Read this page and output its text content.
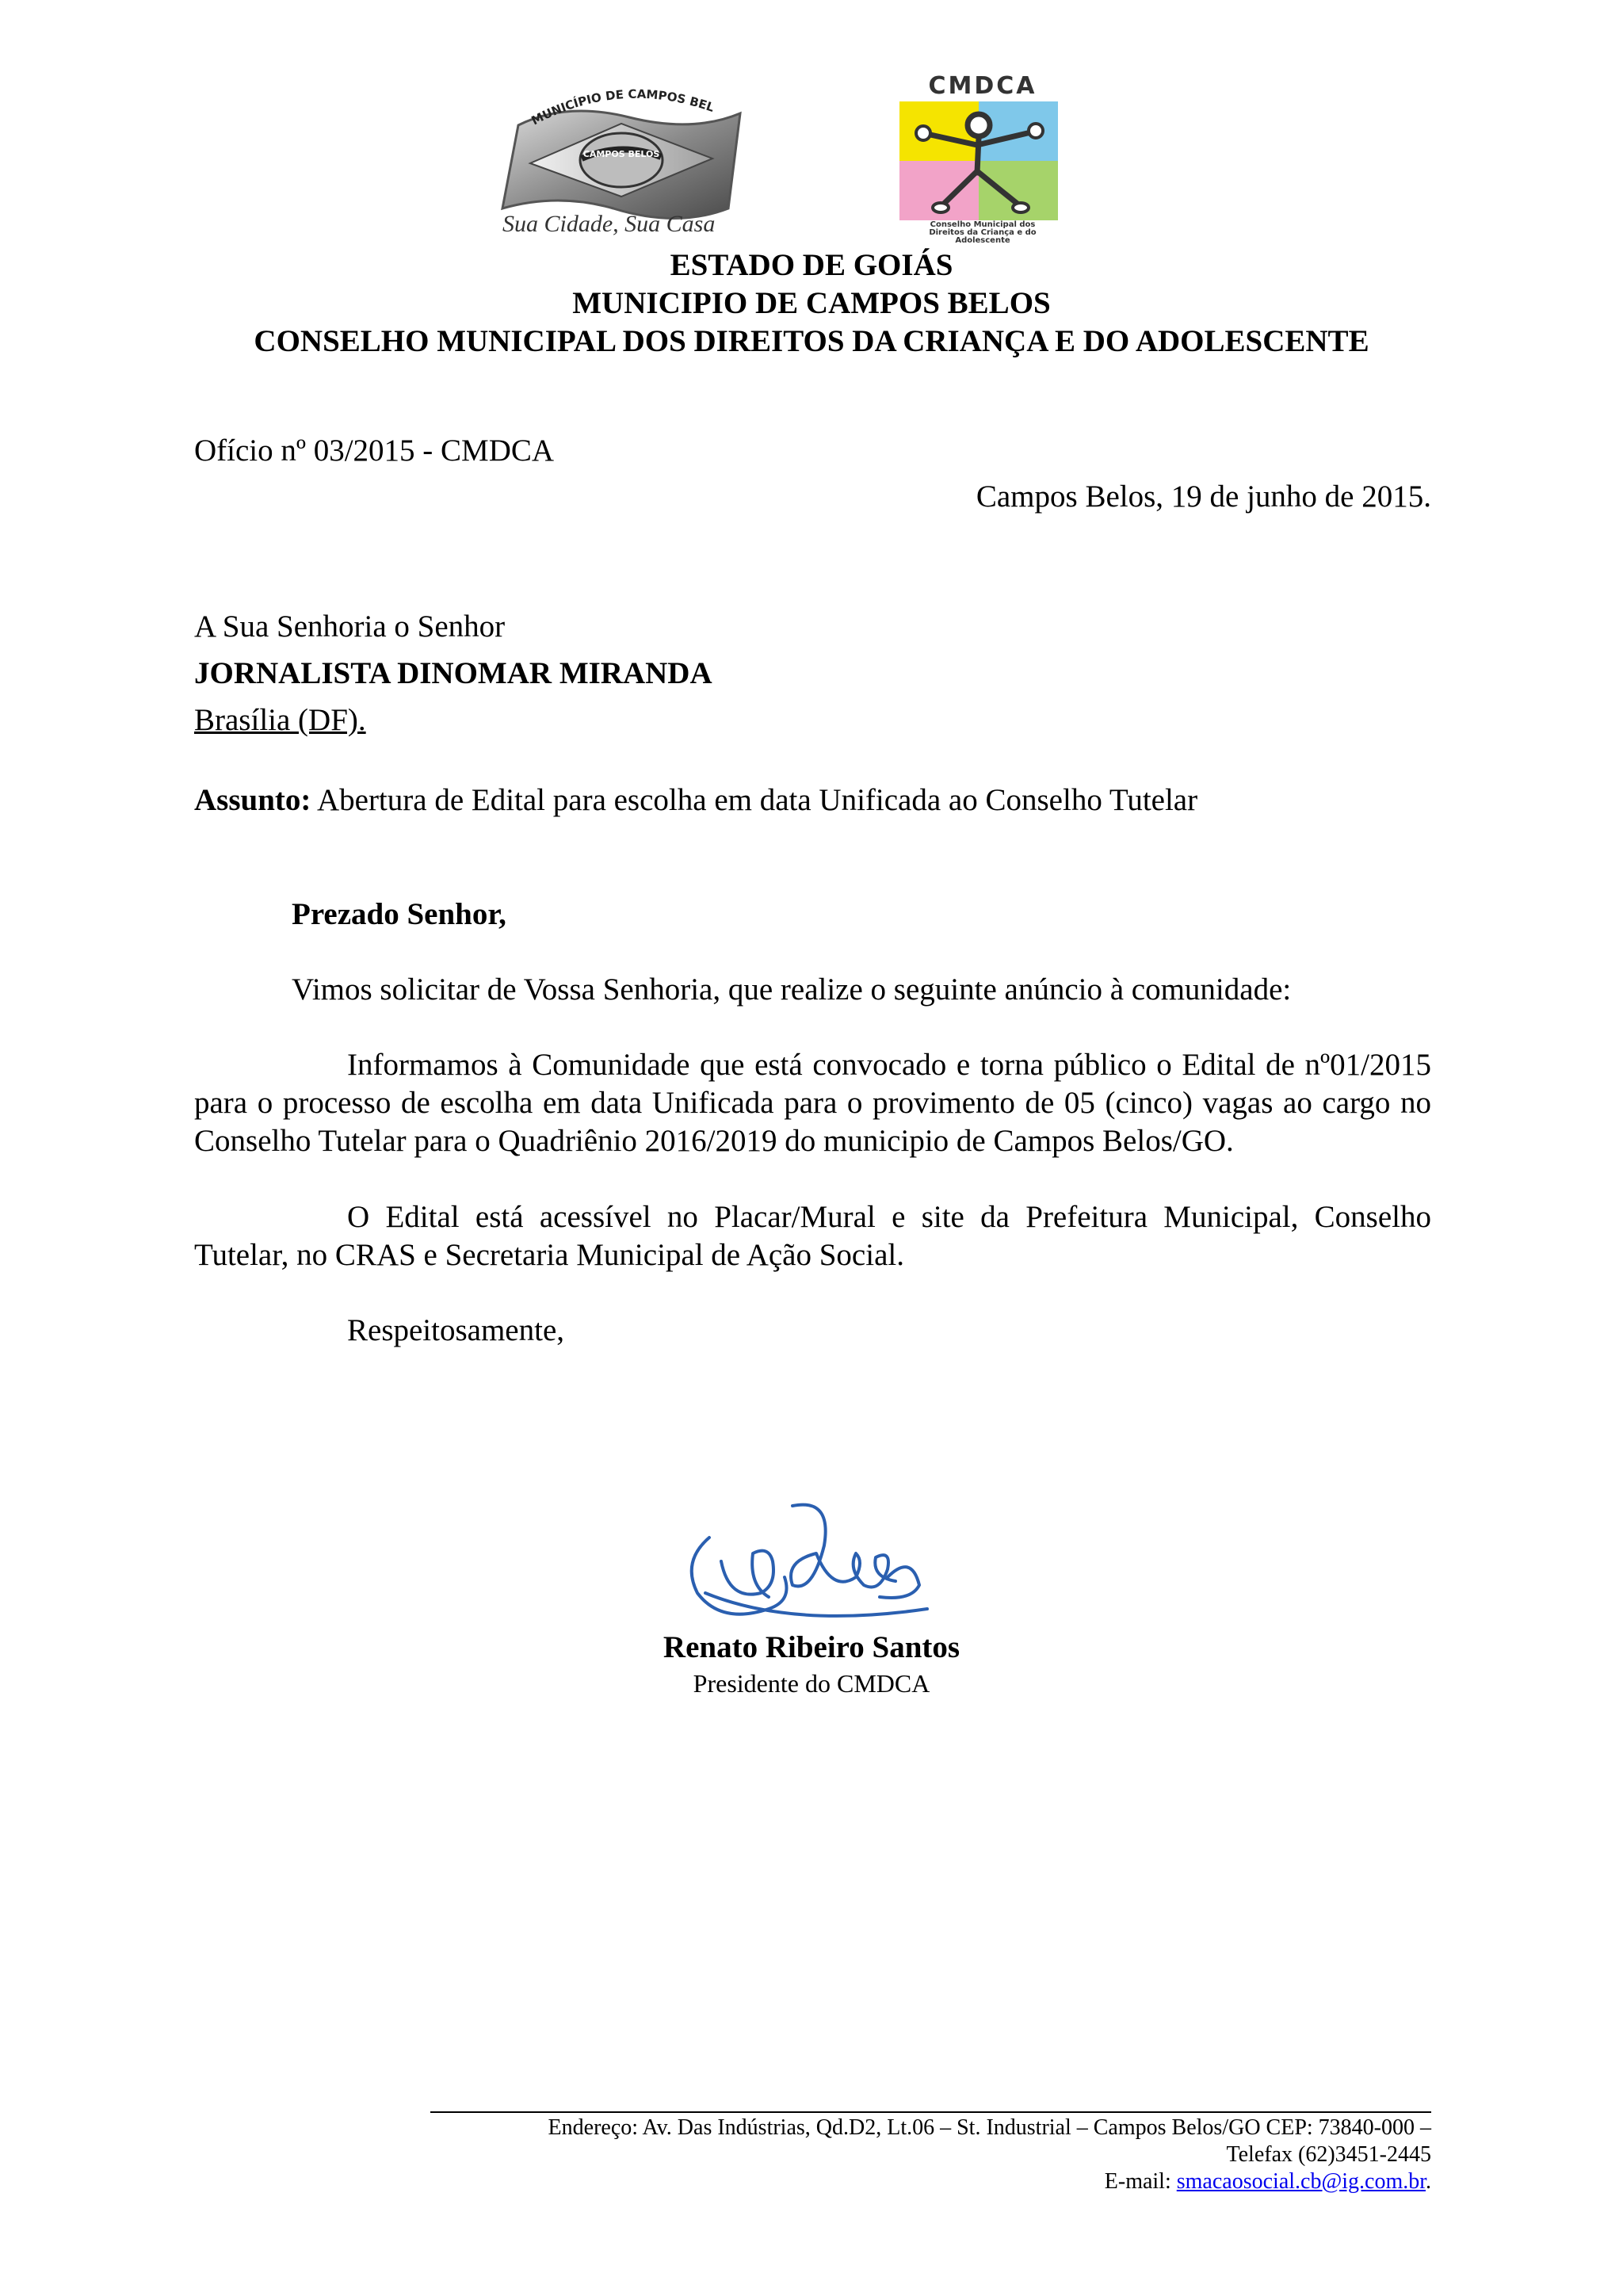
MUNICÍPIO DE CAMPOS BEL
CAMPOS BELOS
Sua Cidade, Sua Casa
CMDCA
Conselho Municipal dos
Direitos da Criança e do
Adolescente
ESTADO DE GOIÁS
MUNICIPIO DE CAMPOS BELOS
CONSELHO MUNICIPAL DOS DIREITOS DA CRIANÇA E DO ADOLESCENTE
Ofício nº 03/2015 - CMDCA
Campos Belos, 19 de junho de 2015.
A Sua Senhoria o Senhor
JORNALISTA DINOMAR MIRANDA
Brasília (DF).
Assunto: Abertura de Edital para escolha em data Unificada ao Conselho Tutelar
Prezado Senhor,
Vimos solicitar de Vossa Senhoria, que realize o seguinte anúncio à comunidade:
Informamos à Comunidade que está convocado e torna público o Edital de nº01/2015 para o processo de escolha em data Unificada para o provimento de 05 (cinco) vagas ao cargo no Conselho Tutelar para o Quadriênio 2016/2019 do municipio de Campos Belos/GO.
O Edital está acessível no Placar/Mural e site da Prefeitura Municipal, Conselho Tutelar, no CRAS e Secretaria Municipal de Ação Social.
Respeitosamente,
Renato Ribeiro Santos
Presidente do CMDCA
Endereço: Av. Das Indústrias, Qd.D2, Lt.06 – St. Industrial – Campos Belos/GO CEP: 73840-000 –
Telefax (62)3451-2445
E-mail: smacaosocial.cb@ig.com.br.
